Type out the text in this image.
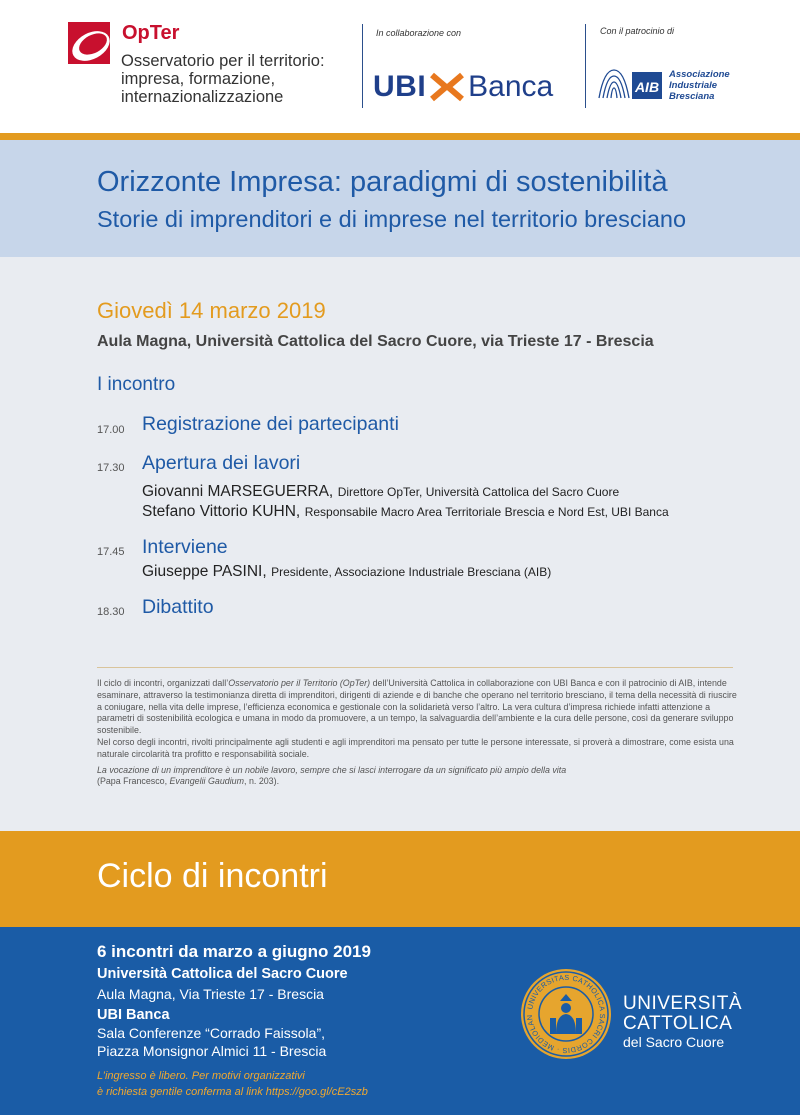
OpTer
Osservatorio per il territorio:
impresa, formazione,
internazionalizzazione
In collaborazione con
UBI Banca
Con il patrocinio di
AIB
Associazione
Industriale
Bresciana
Orizzonte Impresa: paradigmi di sostenibilità
Storie di imprenditori e di imprese nel territorio bresciano
Giovedì 14 marzo 2019
Aula Magna, Università Cattolica del Sacro Cuore, via Trieste 17 - Brescia
I incontro
17.00 Registrazione dei partecipanti
17.30 Apertura dei lavori
Giovanni MARSEGUERRA, Direttore OpTer, Università Cattolica del Sacro Cuore
Stefano Vittorio KUHN, Responsabile Macro Area Territoriale Brescia e Nord Est, UBI Banca
17.45 Interviene
Giuseppe PASINI, Presidente, Associazione Industriale Bresciana (AIB)
18.30 Dibattito

Il ciclo di incontri, organizzati dall’Osservatorio per il Territorio (OpTer) dell’Università Cattolica in collaborazione con UBI Banca e con il patrocinio di AIB, intende esaminare, attraverso la testimonianza diretta di imprenditori, dirigenti di aziende e di banche che operano nel territorio bresciano, il tema della necessità di riuscire a coniugare, nella vita delle imprese, l’efficienza economica e gestionale con la solidarietà verso l’altro. La vera cultura d’impresa richiede infatti attenzione a parametri di sostenibilità ecologica e umana in modo da promuovere, a un tempo, la salvaguardia dell’ambiente e la cura delle persone, così da generare sviluppo sostenibile.

Nel corso degli incontri, rivolti principalmente agli studenti e agli imprenditori ma pensato per tutte le persone interessate, si proverà a dimostrare, come esista una naturale circolarità tra profitto e responsabilità sociale.

La vocazione di un imprenditore è un nobile lavoro, sempre che si lasci interrogare da un significato più ampio della vita

(Papa Francesco, Evangelii Gaudium, n. 203).

Ciclo di incontri
6 incontri da marzo a giugno 2019
Università Cattolica del Sacro Cuore
Aula Magna, Via Trieste 17 - Brescia
UBI Banca
Sala Conferenze “Corrado Faissola”,
Piazza Monsignor Almici 11 - Brescia
L’ingresso è libero. Per motivi organizzativi
è richiesta gentile conferma al link https://goo.gl/cE2szb
UNIVERSITAS CATHOLICA SACRI CORDIS · MEDIOLAN
UNIVERSITÀ
CATTOLICA
del Sacro Cuore
